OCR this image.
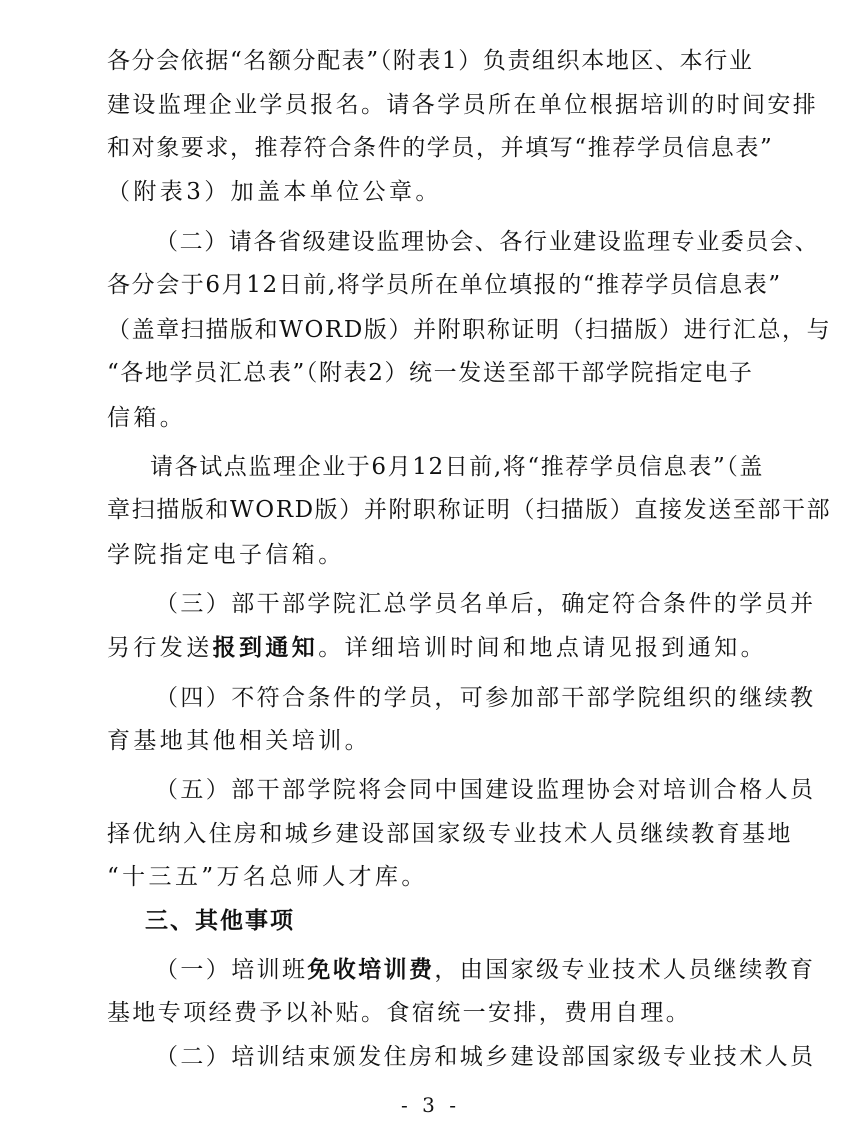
各分会依据“名额分配表”（附表1）负责组织本地区、本行业
建设监理企业学员报名。请各学员所在单位根据培训的时间安排
和对象要求，推荐符合条件的学员，并填写“推荐学员信息表”
（附表3）加盖本单位公章。
（二）请各省级建设监理协会、各行业建设监理专业委员会、
各分会于6月12日前,将学员所在单位填报的“推荐学员信息表”
（盖章扫描版和WORD版）并附职称证明（扫描版）进行汇总，与
“各地学员汇总表”（附表2）统一发送至部干部学院指定电子
信箱。
请各试点监理企业于6月12日前,将“推荐学员信息表”（盖
章扫描版和WORD版）并附职称证明（扫描版）直接发送至部干部
学院指定电子信箱。
（三）部干部学院汇总学员名单后，确定符合条件的学员并
另行发送报到通知。详细培训时间和地点请见报到通知。
（四）不符合条件的学员，可参加部干部学院组织的继续教
育基地其他相关培训。
（五）部干部学院将会同中国建设监理协会对培训合格人员
择优纳入住房和城乡建设部国家级专业技术人员继续教育基地
“十三五”万名总师人才库。
三、其他事项
（一）培训班免收培训费，由国家级专业技术人员继续教育
基地专项经费予以补贴。食宿统一安排，费用自理。
（二）培训结束颁发住房和城乡建设部国家级专业技术人员
- 3 -
